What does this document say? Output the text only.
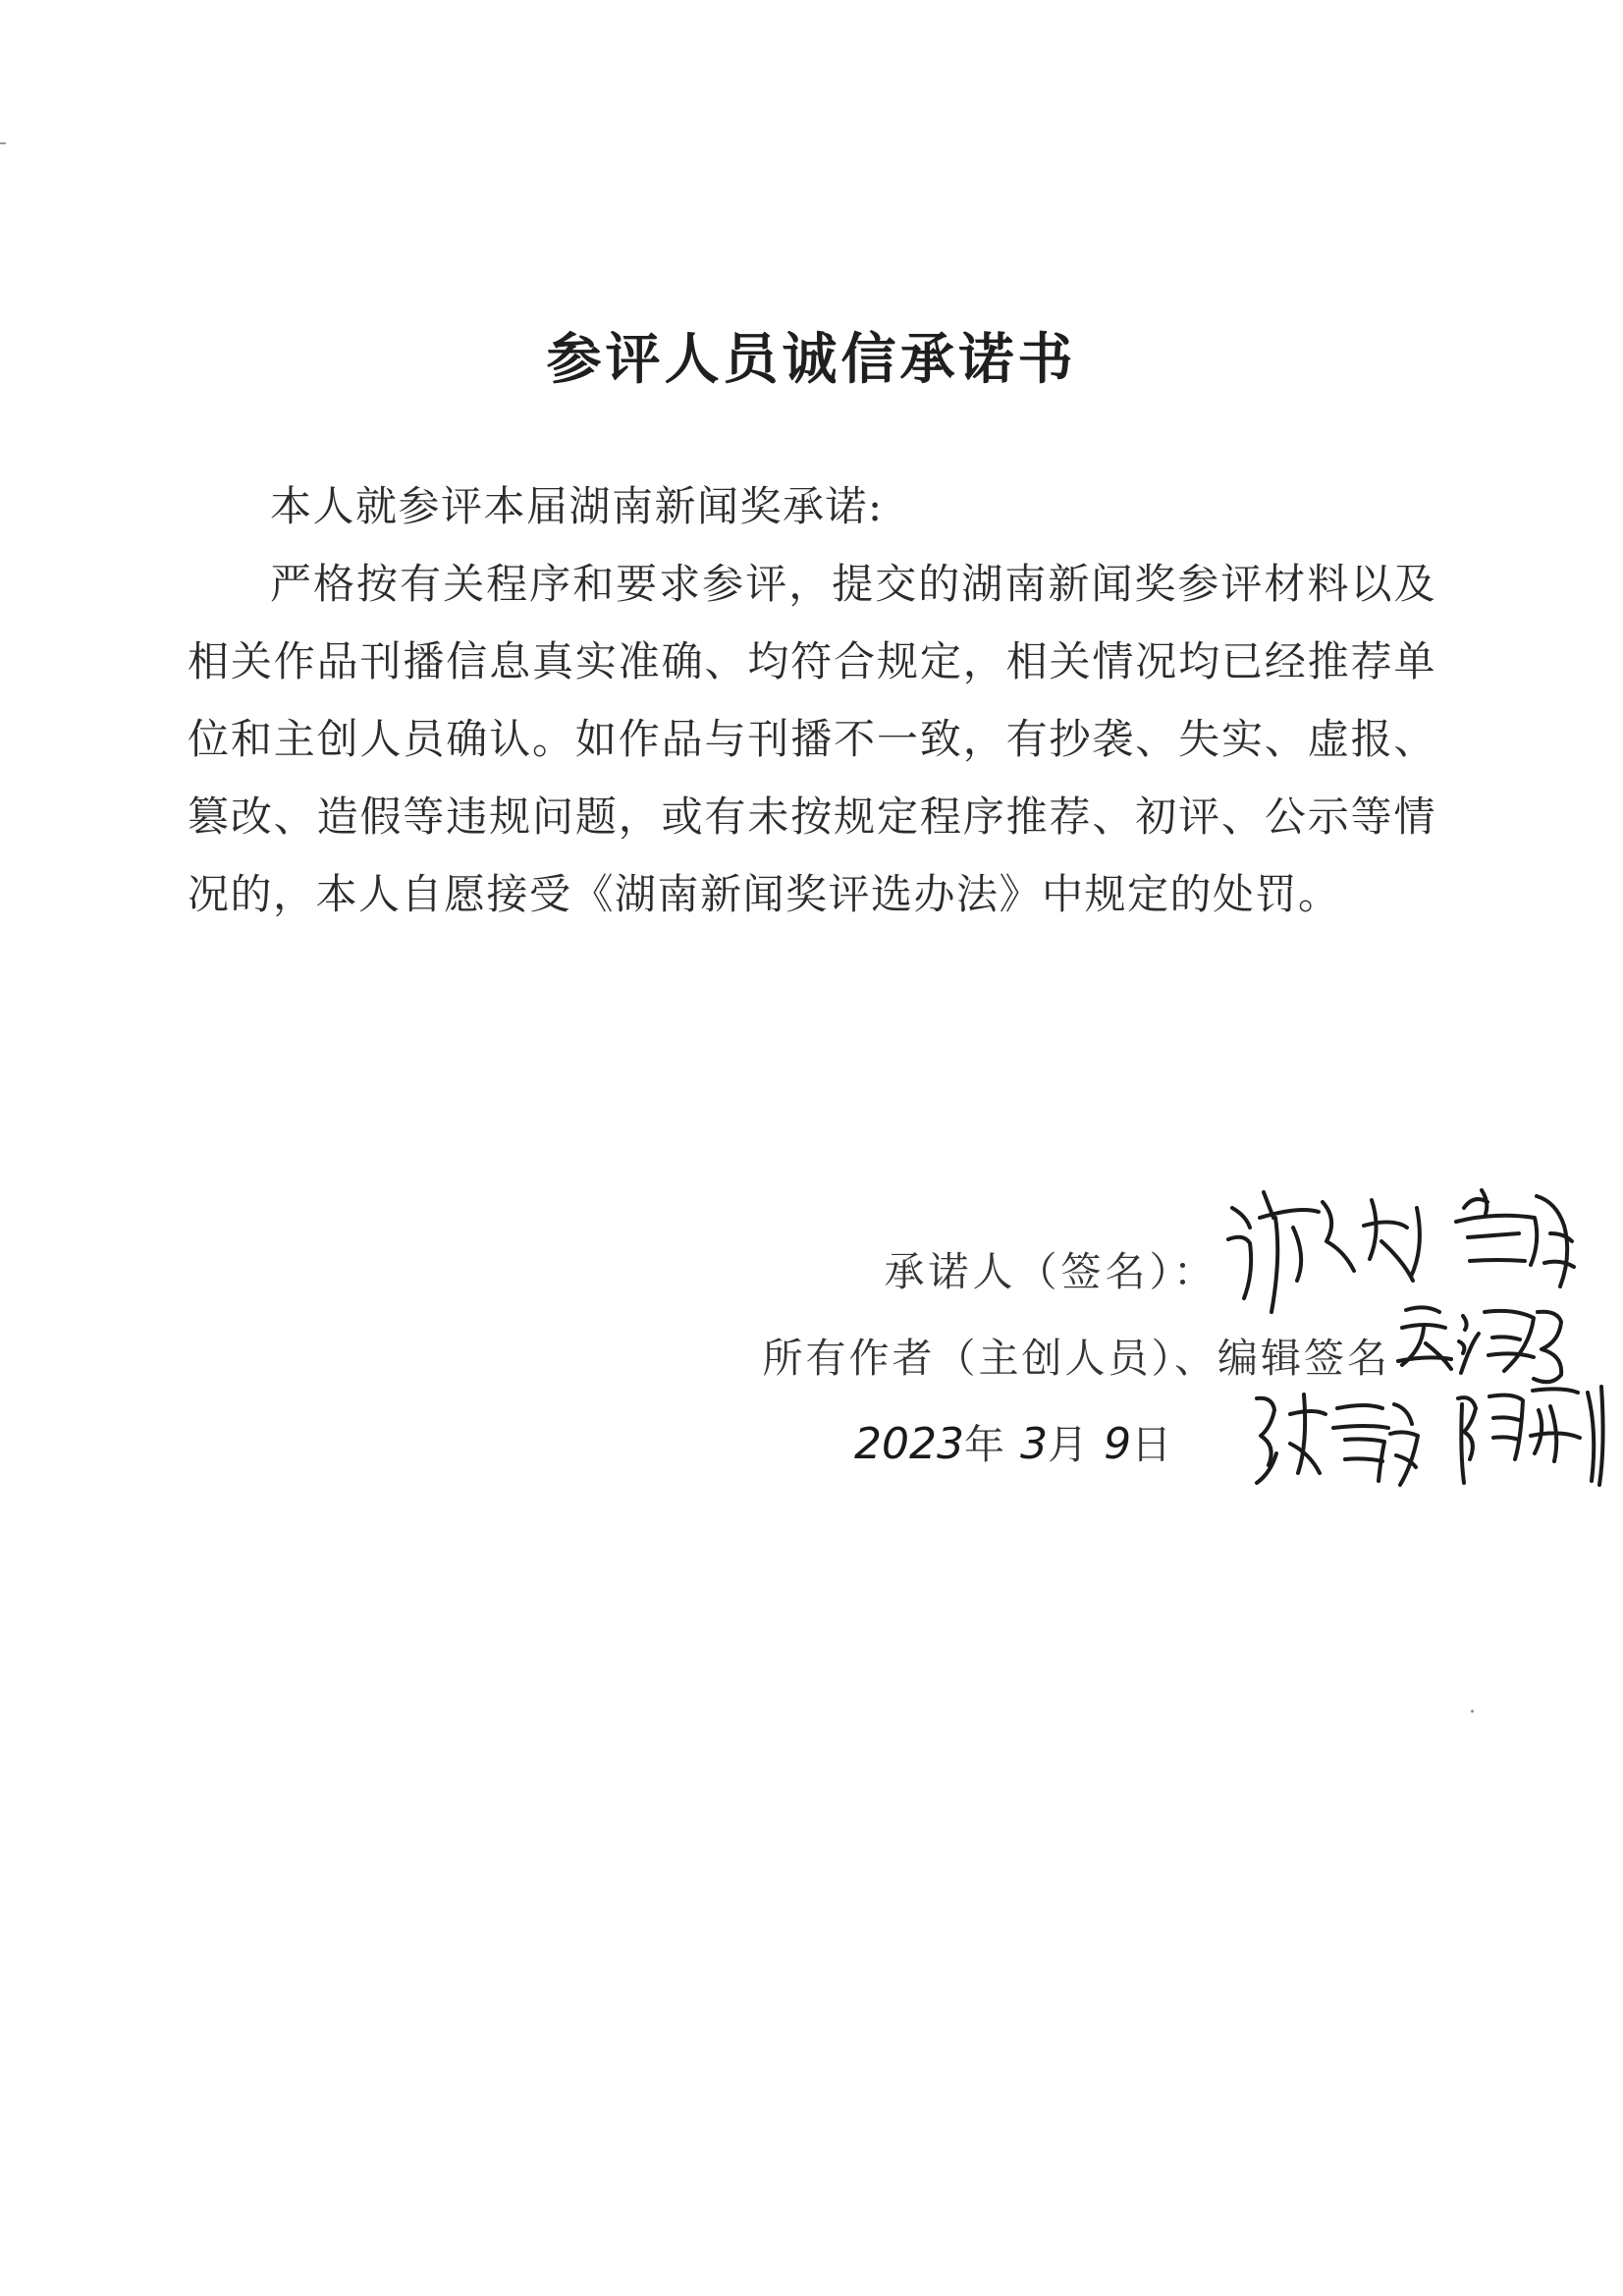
参评人员诚信承诺书

本人就参评本届湖南新闻奖承诺:

严格按有关程序和要求参评，提交的湖南新闻奖参评材料以及相关作品刊播信息真实准确、均符合规定，相关情况均已经推荐单位和主创人员确认。如作品与刊播不一致，有抄袭、失实、虚报、篡改、造假等违规问题，或有未按规定程序推荐、初评、公示等情况的，本人自愿接受《湖南新闻奖评选办法》中规定的处罚。

承诺人（签名）：
所有作者（主创人员）、编辑签名
2023年 3月 9日
